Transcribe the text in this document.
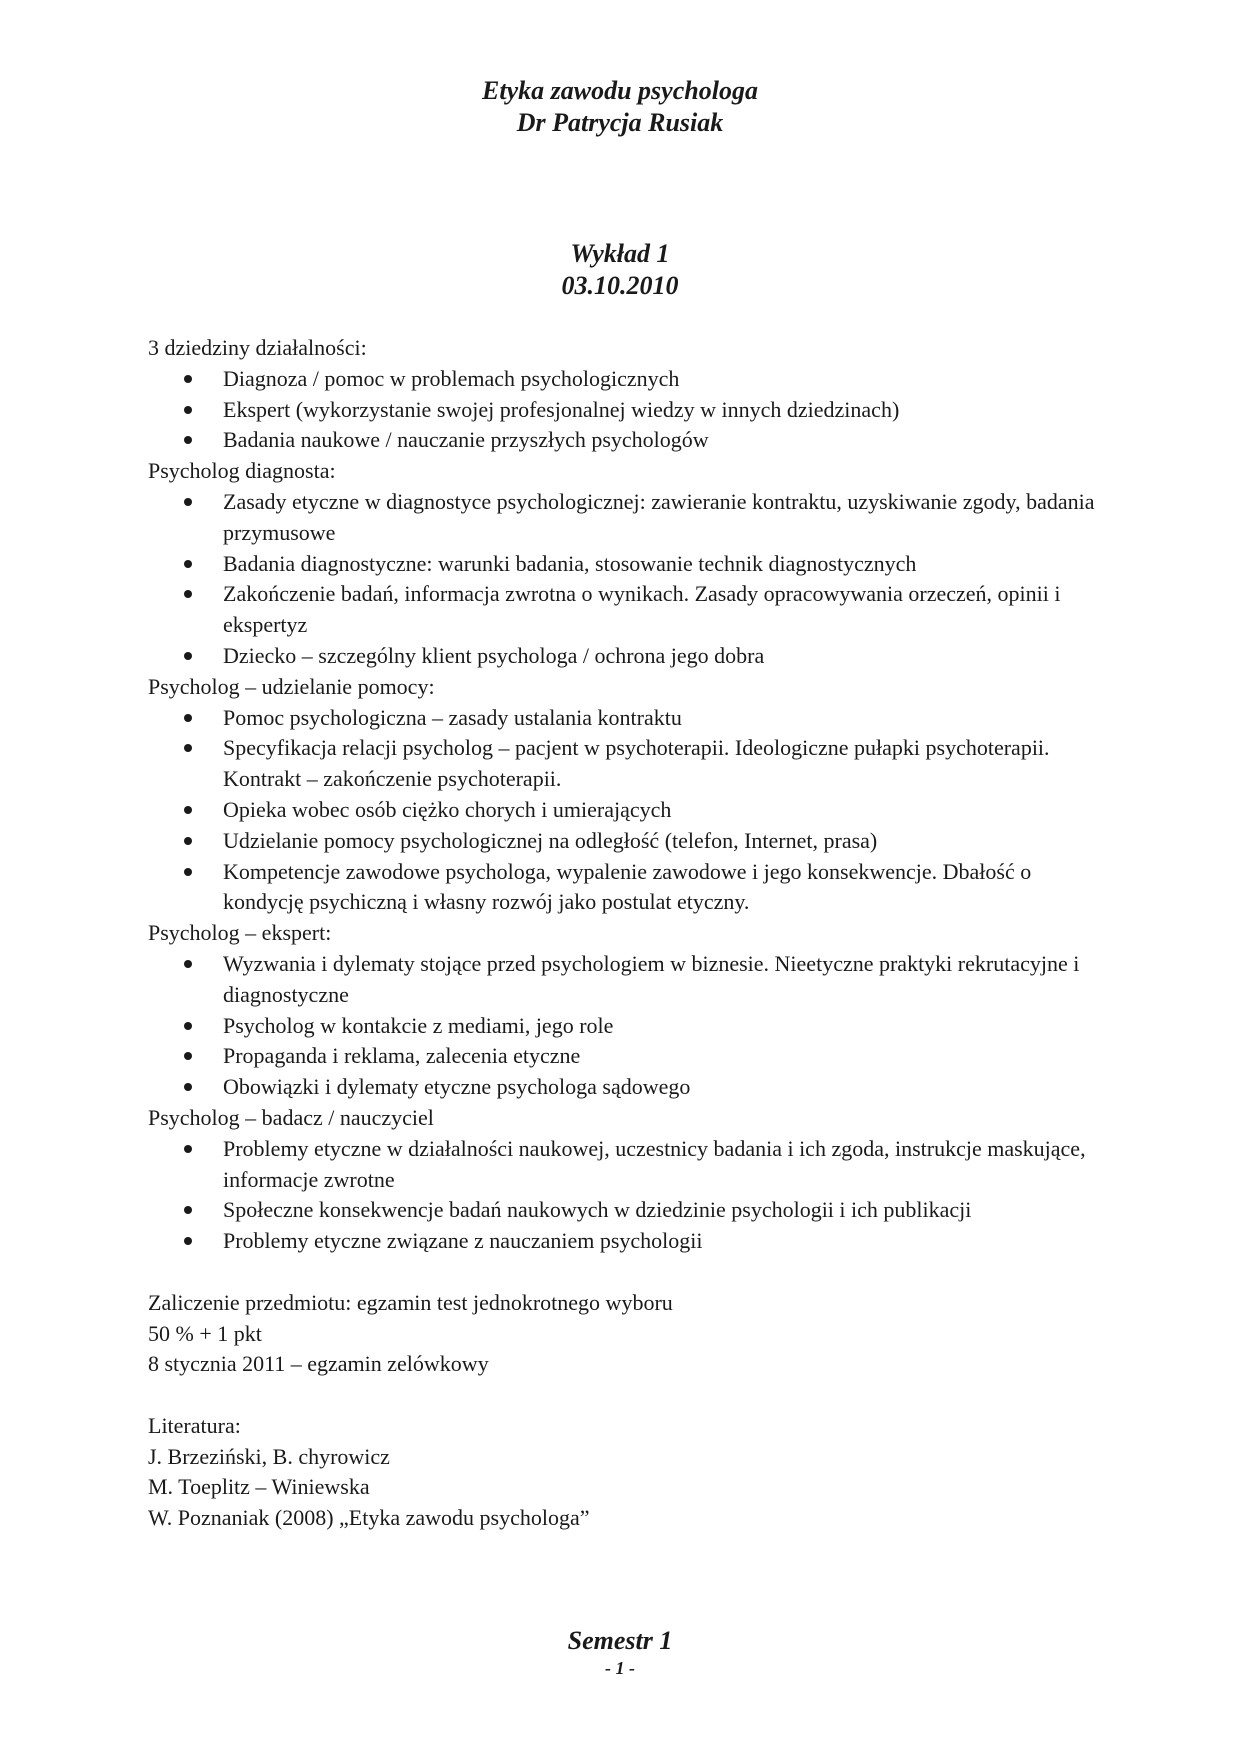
Etyka zawodu psychologa
Dr Patrycja Rusiak
Wykład 1
03.10.2010

3 dziedziny działalności:

Diagnoza / pomoc w problemach psychologicznych
Ekspert (wykorzystanie swojej profesjonalnej wiedzy w innych dziedzinach)
Badania naukowe / nauczanie przyszłych psychologów

Psycholog diagnosta:

Zasady etyczne w diagnostyce psychologicznej: zawieranie kontraktu, uzyskiwanie zgody, badania przymusowe
Badania diagnostyczne: warunki badania, stosowanie technik diagnostycznych
Zakończenie badań, informacja zwrotna o wynikach. Zasady opracowywania orzeczeń, opinii i ekspertyz
Dziecko – szczególny klient psychologa / ochrona jego dobra

Psycholog – udzielanie pomocy:

Pomoc psychologiczna – zasady ustalania kontraktu
Specyfikacja relacji psycholog – pacjent w psychoterapii. Ideologiczne pułapki psychoterapii. Kontrakt – zakończenie psychoterapii.
Opieka wobec osób ciężko chorych i umierających
Udzielanie pomocy psychologicznej na odległość (telefon, Internet, prasa)
Kompetencje zawodowe psychologa, wypalenie zawodowe i jego konsekwencje. Dbałość o kondycję psychiczną i własny rozwój jako postulat etyczny.

Psycholog – ekspert:

Wyzwania i dylematy stojące przed psychologiem w biznesie. Nieetyczne praktyki rekrutacyjne i diagnostyczne
Psycholog w kontakcie z mediami, jego role
Propaganda i reklama, zalecenia etyczne
Obowiązki i dylematy etyczne psychologa sądowego

Psycholog – badacz / nauczyciel

Problemy etyczne w działalności naukowej, uczestnicy badania i ich zgoda, instrukcje maskujące, informacje zwrotne
Społeczne konsekwencje badań naukowych w dziedzinie psychologii i ich publikacji
Problemy etyczne związane z nauczaniem psychologii

Zaliczenie przedmiotu: egzamin test jednokrotnego wyboru

50 % + 1 pkt

8 stycznia 2011 – egzamin zelówkowy

Literatura:

J. Brzeziński, B. chyrowicz

M. Toeplitz – Winiewska

W. Poznaniak (2008) „Etyka zawodu psychologa”

Semestr 1
- 1 -
